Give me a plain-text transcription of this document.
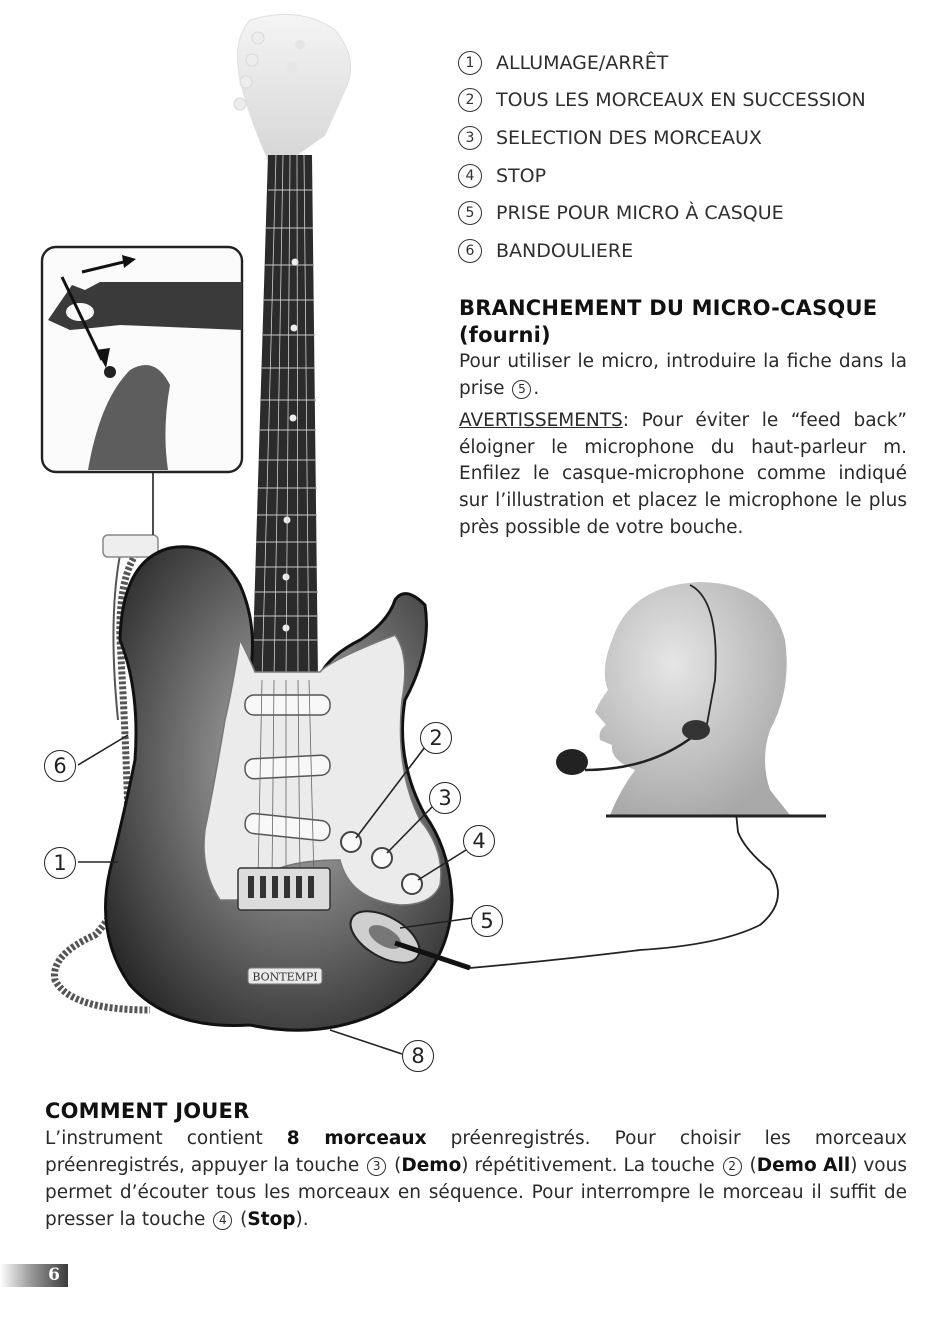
BONTEMPI
6
1
2
3
4
5
8
1	ALLUMAGE/ARRÊT
2	TOUS LES MORCEAUX EN SUCCESSION
3	SELECTION DES MORCEAUX
4	STOP
5	PRISE POUR MICRO À CASQUE
6	BANDOULIERE
BRANCHEMENT DU MICRO-CASQUE
(fourni)

Pour utiliser le micro, introduire la fiche dans la prise 5 .

AVERTISSEMENTS: Pour éviter le “feed back” éloigner le microphone du haut-parleur m. Enfilez le casque-microphone comme indiqué sur l’illustration et placez le microphone le plus près possible de votre bouche.

COMMENT JOUER

L’instrument contient 8 morceaux préenregistrés. Pour choisir les morceaux préenregistrés, appuyer la touche 3 (Demo) répétitivement. La touche 2 (Demo All) vous permet d’écouter tous les morceaux en séquence. Pour interrompre le morceau il suffit de presser la touche 4 (Stop).

6
